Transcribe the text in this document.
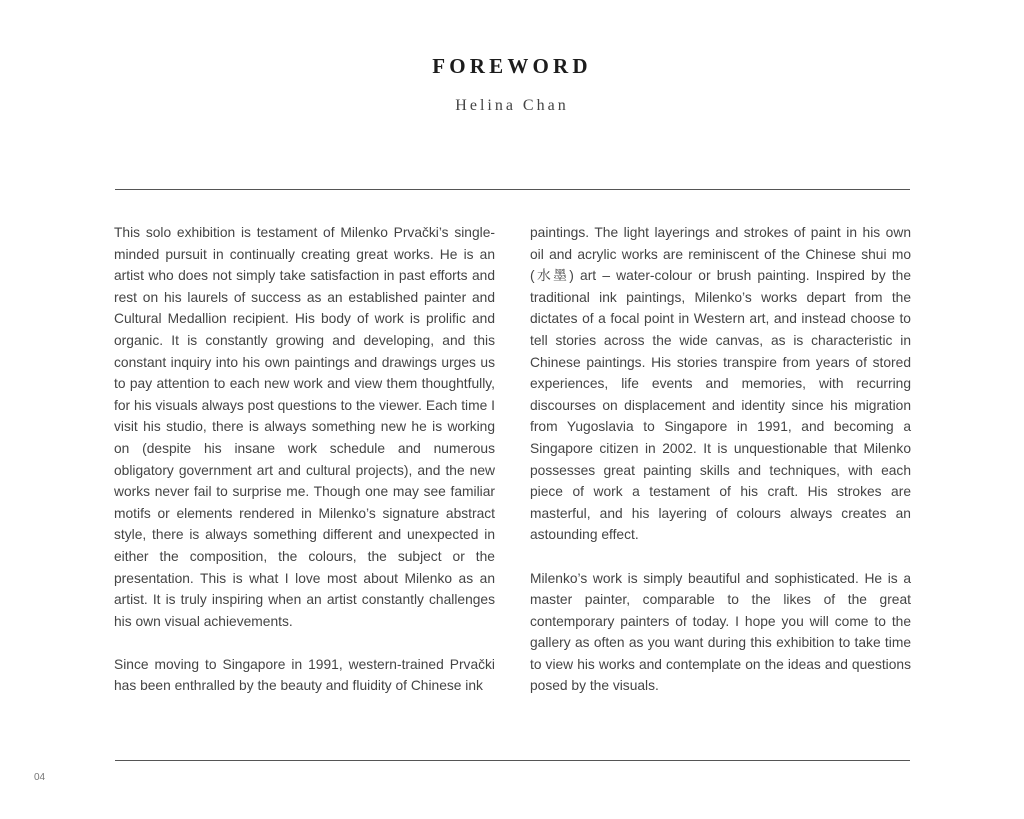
FOREWORD
Helina Chan

This solo exhibition is testament of Milenko Prvački’s single-minded pursuit in continually creating great works. He is an artist who does not simply take satisfaction in past efforts and rest on his laurels of success as an established painter and Cultural Medallion recipient. His body of work is prolific and organic. It is constantly growing and developing, and this constant inquiry into his own paintings and drawings urges us to pay attention to each new work and view them thoughtfully, for his visuals always post questions to the viewer. Each time I visit his studio, there is always something new he is working on (despite his insane work schedule and numerous obligatory government art and cultural projects), and the new works never fail to surprise me. Though one may see familiar motifs or elements rendered in Milenko’s signature abstract style, there is always something different and unexpected in either the composition, the colours, the subject or the presentation. This is what I love most about Milenko as an artist. It is truly inspiring when an artist constantly challenges his own visual achievements.

Since moving to Singapore in 1991, western-trained Prvački has been enthralled by the beauty and fluidity of Chinese ink

paintings. The light layerings and strokes of paint in his own oil and acrylic works are reminiscent of the Chinese shui mo (水墨) art – water-colour or brush painting. Inspired by the traditional ink paintings, Milenko’s works depart from the dictates of a focal point in Western art, and instead choose to tell stories across the wide canvas, as is characteristic in Chinese paintings. His stories transpire from years of stored experiences, life events and memories, with recurring discourses on displacement and identity since his migration from Yugoslavia to Singapore in 1991, and becoming a Singapore citizen in 2002. It is unquestionable that Milenko possesses great painting skills and techniques, with each piece of work a testament of his craft. His strokes are masterful, and his layering of colours always creates an astounding effect.

Milenko’s work is simply beautiful and sophisticated. He is a master painter, comparable to the likes of the great contemporary painters of today. I hope you will come to the gallery as often as you want during this exhibition to take time to view his works and contemplate on the ideas and questions posed by the visuals.

04
